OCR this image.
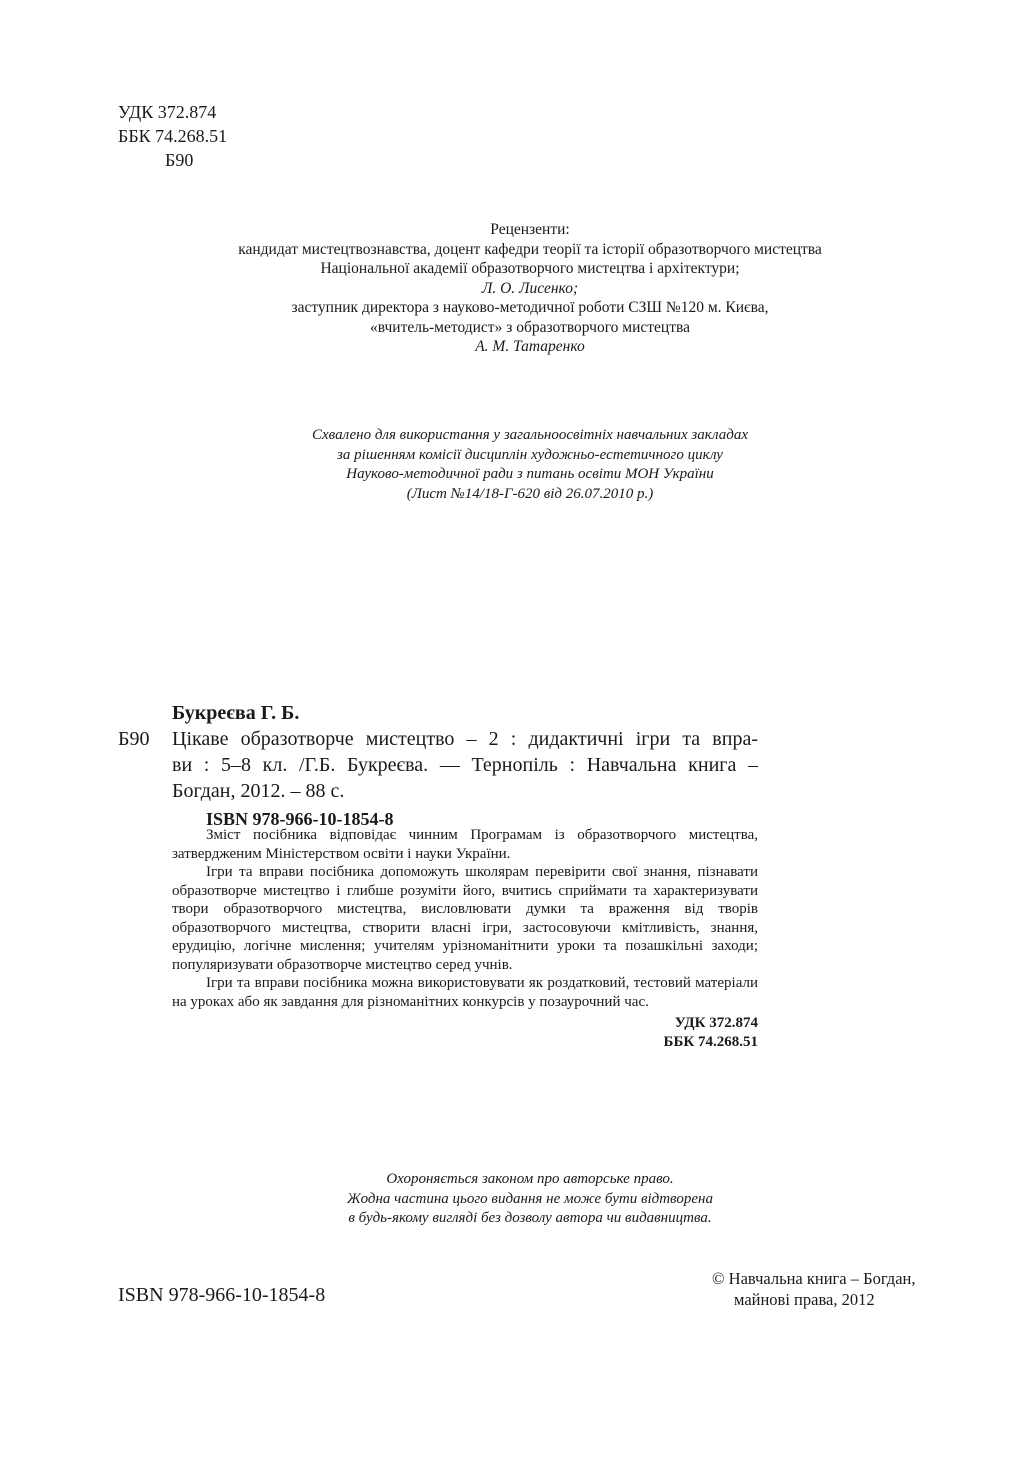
УДК 372.874
ББК 74.268.51
Б90
Рецензенти:
кандидат мистецтвознавства, доцент кафедри теорії та історії образотворчого мистецтва
Національної академії образотворчого мистецтва і архітектури;
Л. О. Лисенко;
заступник директора з науково-методичної роботи СЗШ №120 м. Києва,
«вчитель-методист» з образотворчого мистецтва
А. М. Татаренко
Схвалено для використання у загальноосвітніх навчальних закладах
за рішенням комісії дисциплін художньо-естетичного циклу
Науково-методичної ради з питань освіти МОН України
(Лист №14/18-Г-620 від 26.07.2010 р.)
Букреєва Г. Б.
Б90	Цікаве образотворче мистецтво – 2 : дидактичні ігри та впра-
ви : 5–8 кл. /Г.Б. Букреєва. — Тернопіль : Навчальна книга –
Богдан, 2012. – 88 с.
ISBN 978-966-10-1854-8

Зміст посібника відповідає чинним Програмам із образотворчого мистецтва, затвердженим Міністерством освіти і науки України.

Ігри та вправи посібника допоможуть школярам перевірити свої знання, пізнавати образотворче мистецтво і глибше розуміти його, вчитись сприймати та характеризувати твори образотворчого мистецтва, висловлювати думки та враження від творів образотворчого мистецтва, створити власні ігри, застосовуючи кмітливість, знання, ерудицію, логічне мислення; учителям урізноманітнити уроки та позашкільні заходи; популяризувати образотворче мистецтво серед учнів.

Ігри та вправи посібника можна використовувати як роздатковий, тестовий матеріали на уроках або як завдання для різноманітних конкурсів у позаурочний час.

УДК 372.874
ББК 74.268.51
Охороняється законом про авторське право.
Жодна частина цього видання не може бути відтворена
в будь-якому вигляді без дозволу автора чи видавництва.
ISBN 978-966-10-1854-8
© Навчальна книга – Богдан,
майнові права, 2012
